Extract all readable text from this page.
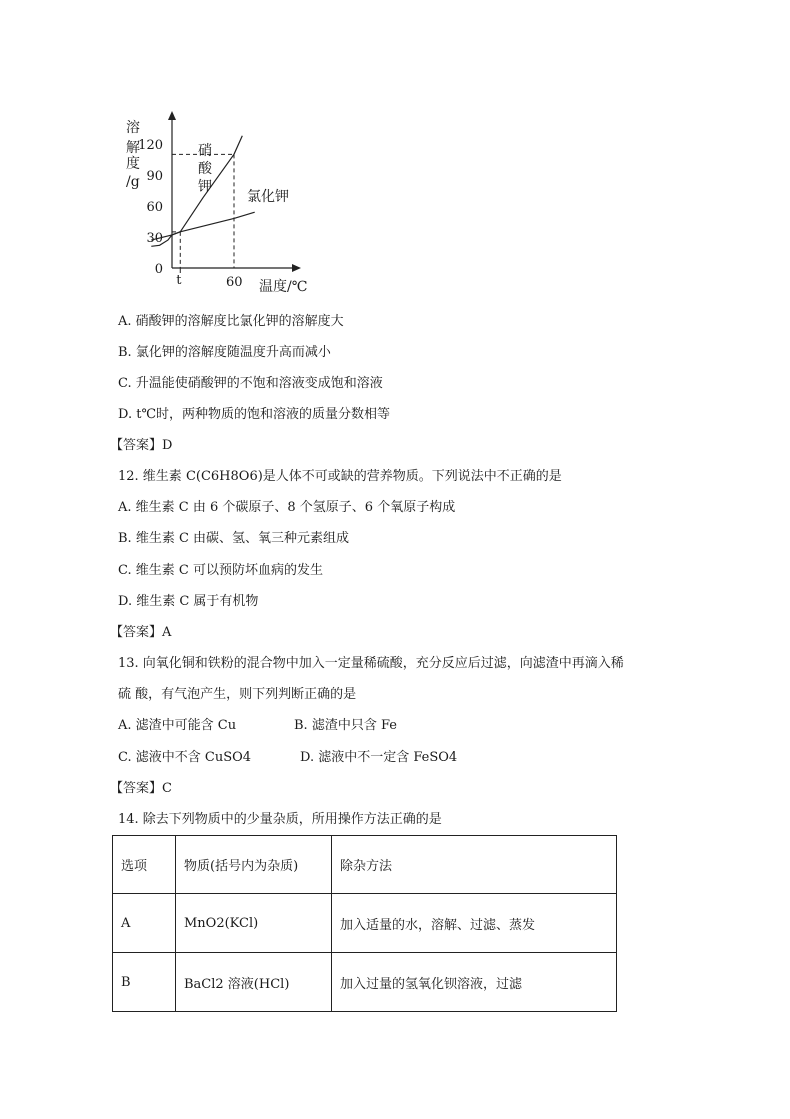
溶
解
度
/g
120
90
60
30
0
t	60 温度/℃
硝
酸
钾
氯化钾
A. 硝酸钾的溶解度比氯化钾的溶解度大
B. 氯化钾的溶解度随温度升高而减小
C. 升温能使硝酸钾的不饱和溶液变成饱和溶液
D. t℃时，两种物质的饱和溶液的质量分数相等
【答案】D
12. 维生素 C(C6H8O6)是人体不可或缺的营养物质。下列说法中不正确的是
A. 维生素 C 由 6 个碳原子、8 个氢原子、6 个氧原子构成
B. 维生素 C 由碳、氢、氧三种元素组成
C. 维生素 C 可以预防坏血病的发生
D. 维生素 C 属于有机物
【答案】A
13. 向氧化铜和铁粉的混合物中加入一定量稀硫酸，充分反应后过滤，向滤渣中再滴入稀
硫 酸，有气泡产生，则下列判断正确的是
A. 滤渣中可能含 Cu	B. 滤渣中只含 Fe
C. 滤液中不含 CuSO4	D. 滤液中不一定含 FeSO4
【答案】C
14. 除去下列物质中的少量杂质，所用操作方法正确的是
选项	物质(括号内为杂质)	除杂方法
A	MnO2(KCl)	加入适量的水，溶解、过滤、蒸发
B	BaCl2 溶液(HCl)	加入过量的氢氧化钡溶液，过滤
